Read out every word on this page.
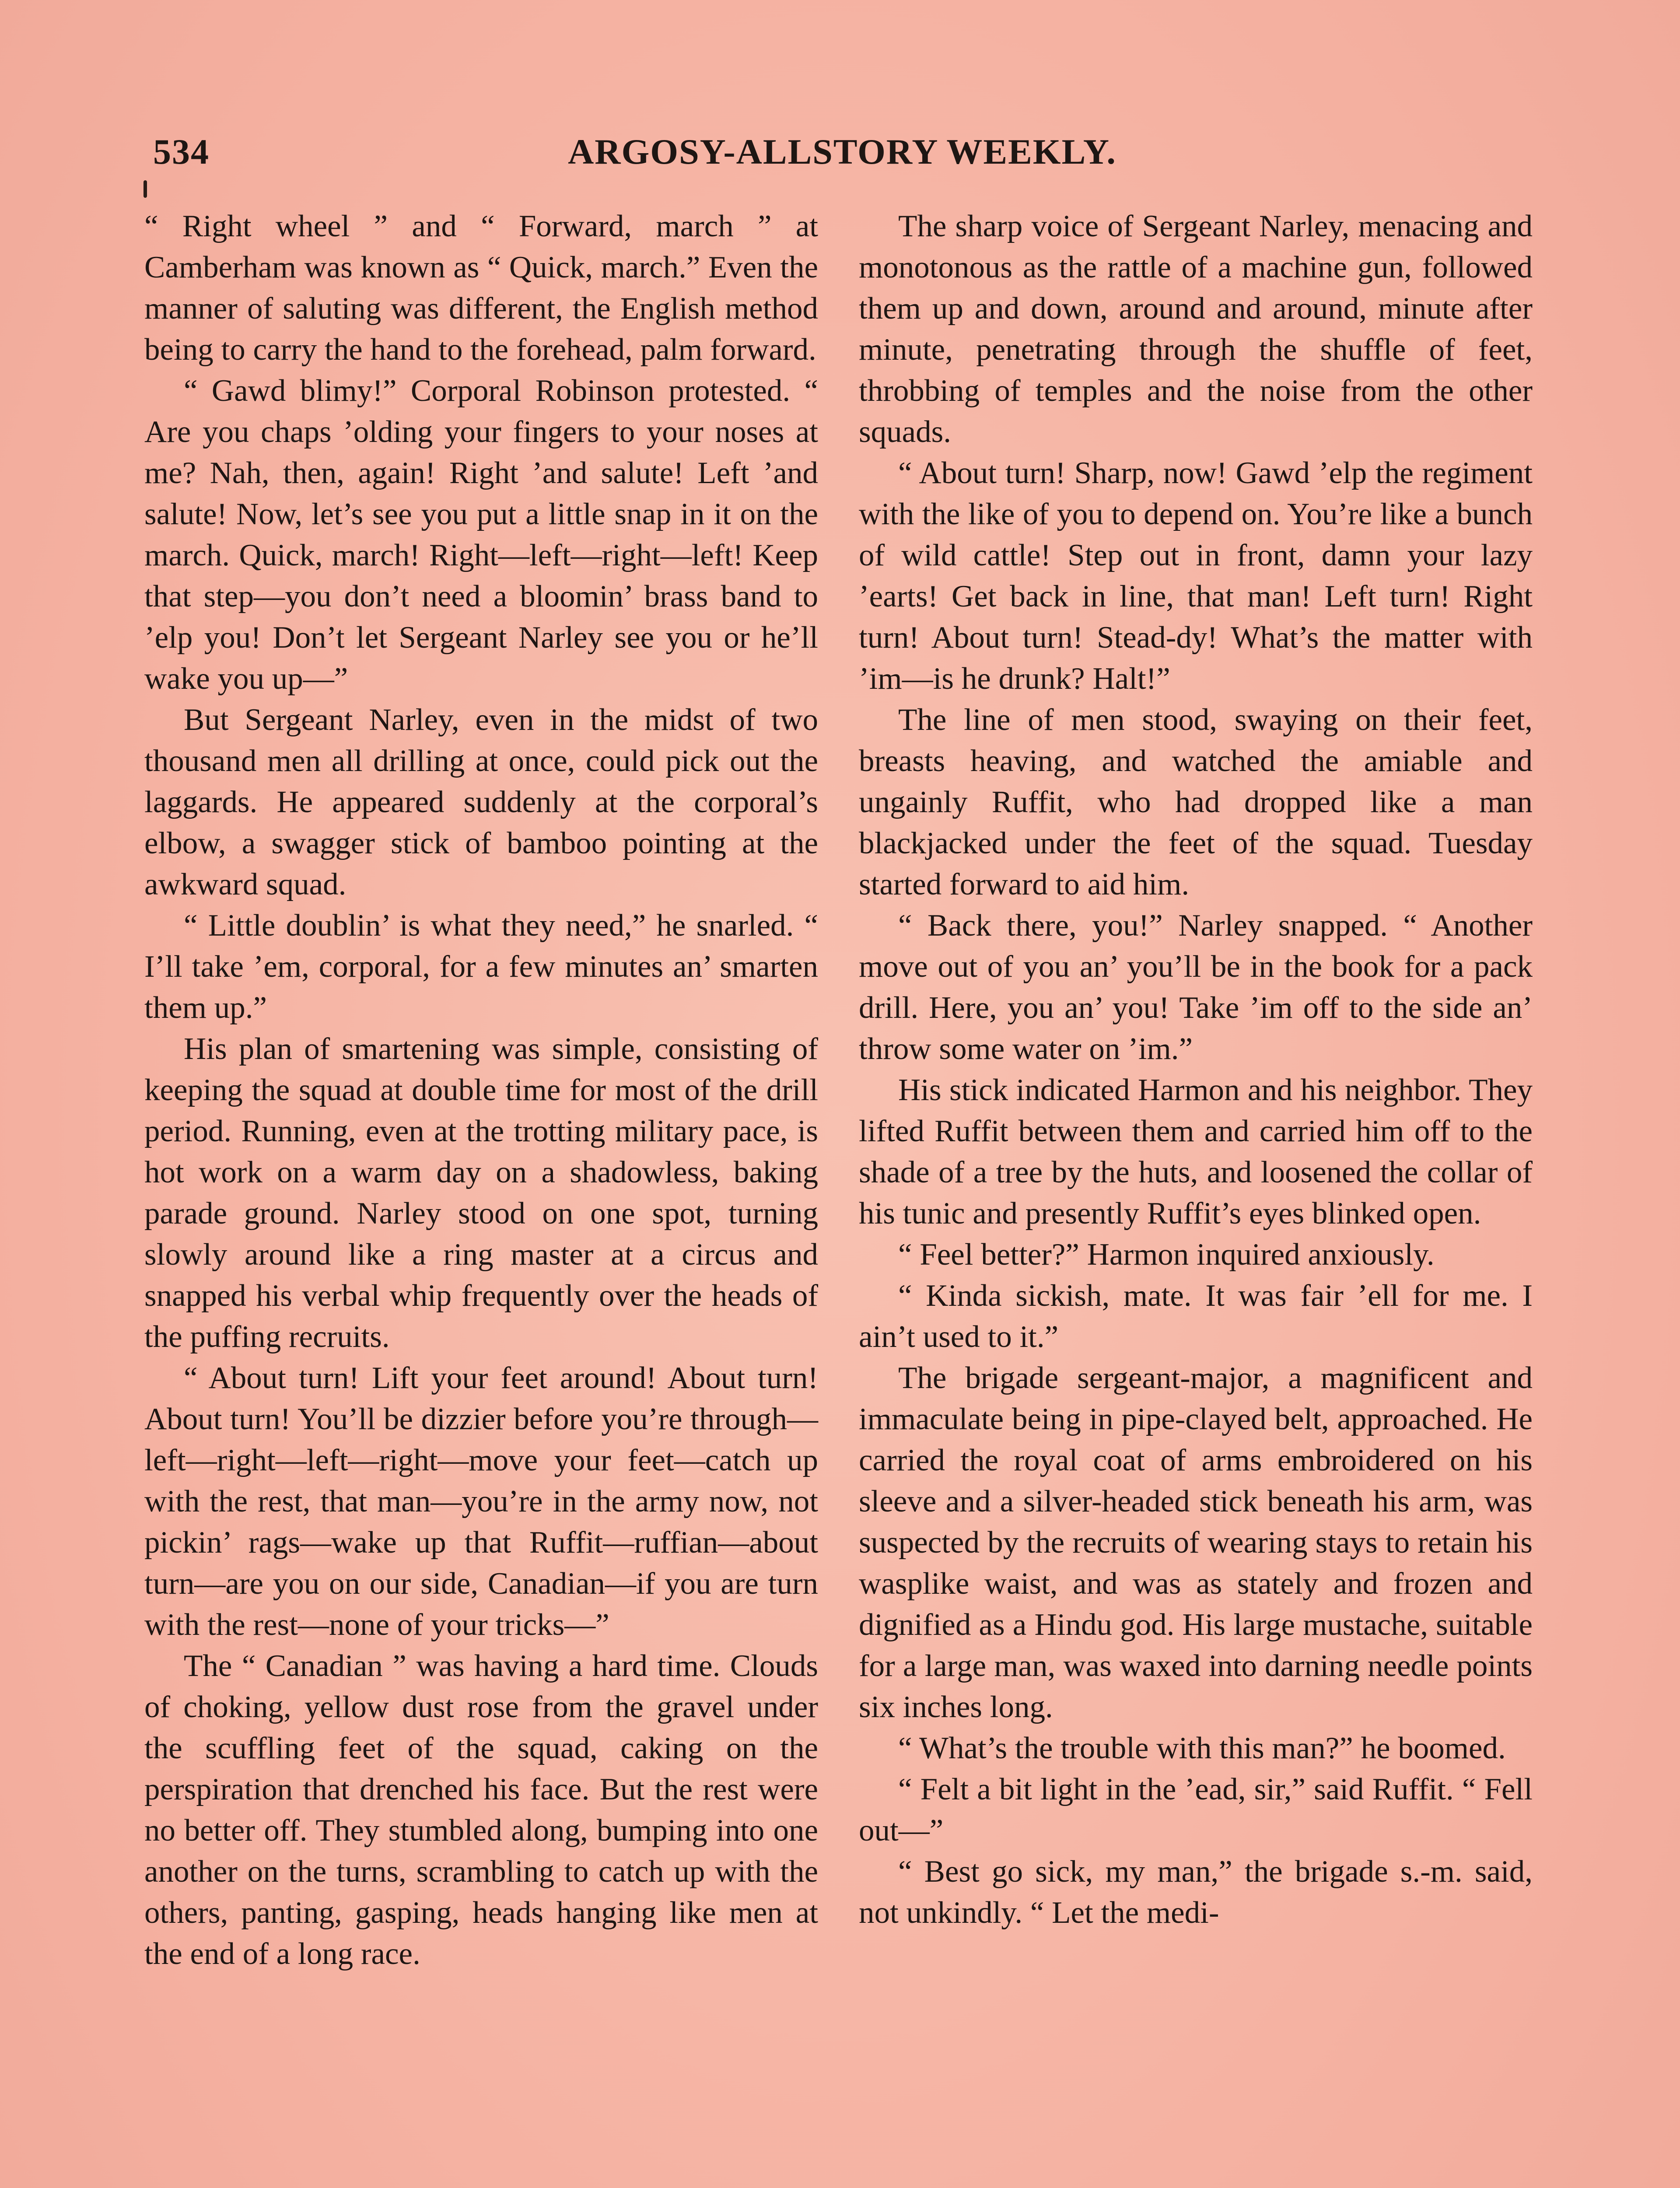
534	ARGOSY-ALLSTORY WEEKLY.

“ Right wheel ” and “ Forward, march ” at Camberham was known as “ Quick, march.” Even the manner of saluting was different, the English method being to carry the hand to the forehead, palm forward.

“ Gawd blimy!” Corporal Robinson protested. “ Are you chaps ’olding your fingers to your noses at me? Nah, then, again! Right ’and salute! Left ’and salute! Now, let’s see you put a little snap in it on the march. Quick, march! Right—left—right—left! Keep that step—you don’t need a bloomin’ brass band to ’elp you! Don’t let Sergeant Narley see you or he’ll wake you up—”

But Sergeant Narley, even in the midst of two thousand men all drilling at once, could pick out the laggards. He appeared suddenly at the corporal’s elbow, a swagger stick of bamboo pointing at the awkward squad.

“ Little doublin’ is what they need,” he snarled. “ I’ll take ’em, corporal, for a few minutes an’ smarten them up.”

His plan of smartening was simple, consisting of keeping the squad at double time for most of the drill period. Running, even at the trotting military pace, is hot work on a warm day on a shadowless, baking parade ground. Narley stood on one spot, turning slowly around like a ring master at a circus and snapped his verbal whip frequently over the heads of the puffing recruits.

“ About turn! Lift your feet around! About turn! About turn! You’ll be dizzier before you’re through—left—right—left—right—move your feet—catch up with the rest, that man—you’re in the army now, not pickin’ rags—wake up that Ruffit—ruffian—about turn—are you on our side, Canadian—if you are turn with the rest—none of your tricks—”

The “ Canadian ” was having a hard time. Clouds of choking, yellow dust rose from the gravel under the scuffling feet of the squad, caking on the perspiration that drenched his face. But the rest were no better off. They stumbled along, bumping into one another on the turns, scrambling to catch up with the others, panting, gasping, heads hanging like men at the end of a long race.

The sharp voice of Sergeant Narley, menacing and monotonous as the rattle of a machine gun, followed them up and down, around and around, minute after minute, penetrating through the shuffle of feet, throbbing of temples and the noise from the other squads.

“ About turn! Sharp, now! Gawd ’elp the regiment with the like of you to depend on. You’re like a bunch of wild cattle! Step out in front, damn your lazy ’earts! Get back in line, that man! Left turn! Right turn! About turn! Stead-dy! What’s the matter with ’im—is he drunk? Halt!”

The line of men stood, swaying on their feet, breasts heaving, and watched the amiable and ungainly Ruffit, who had dropped like a man blackjacked under the feet of the squad. Tuesday started forward to aid him.

“ Back there, you!” Narley snapped. “ Another move out of you an’ you’ll be in the book for a pack drill. Here, you an’ you! Take ’im off to the side an’ throw some water on ’im.”

His stick indicated Harmon and his neighbor. They lifted Ruffit between them and carried him off to the shade of a tree by the huts, and loosened the collar of his tunic and presently Ruffit’s eyes blinked open.

“ Feel better?” Harmon inquired anxiously.

“ Kinda sickish, mate. It was fair ’ell for me. I ain’t used to it.”

The brigade sergeant-major, a magnificent and immaculate being in pipe-clayed belt, approached. He carried the royal coat of arms embroidered on his sleeve and a silver-headed stick beneath his arm, was suspected by the recruits of wearing stays to retain his wasplike waist, and was as stately and frozen and dignified as a Hindu god. His large mustache, suitable for a large man, was waxed into darning needle points six inches long.

“ What’s the trouble with this man?” he boomed.

“ Felt a bit light in the ’ead, sir,” said Ruffit. “ Fell out—”

“ Best go sick, my man,” the brigade s.-m. said, not unkindly. “ Let the medi-
